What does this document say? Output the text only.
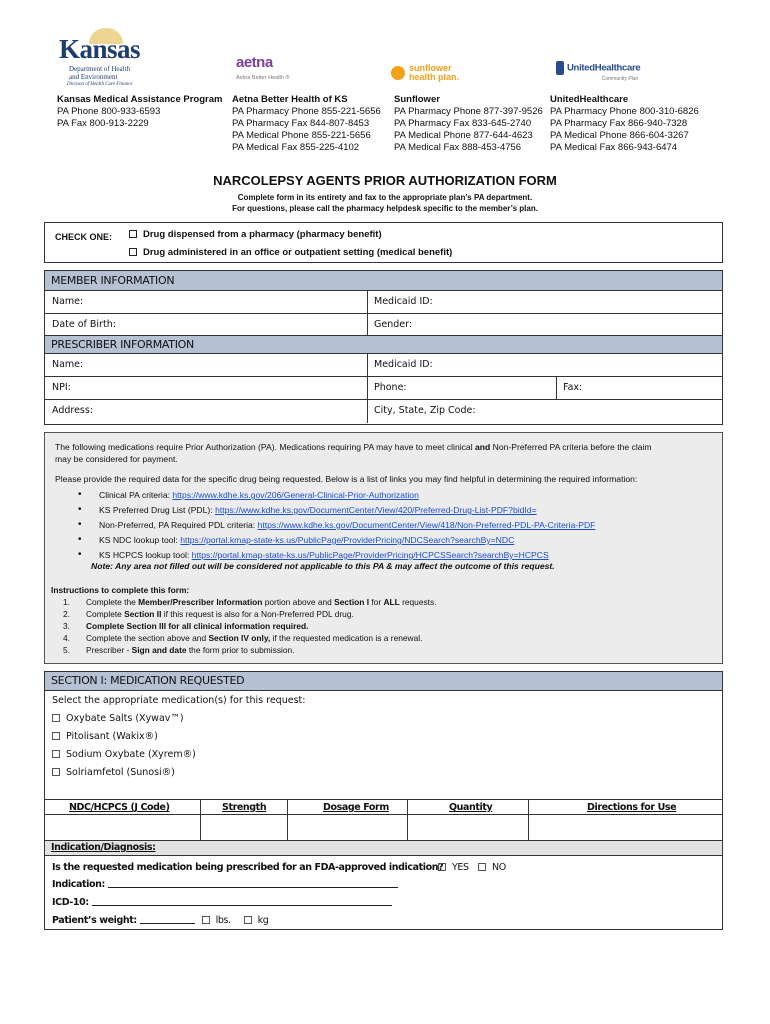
Kansas
Department of Health
and Environment
Division of Health Care Finance
aetna
Aetna Better Health ®
sunflower
health plan.
UnitedHealthcare
Community Plan
Kansas Medical Assistance Program
PA Phone 800-933-6593
PA Fax 800-913-2229
Aetna Better Health of KS
PA Pharmacy Phone 855-221-5656
PA Pharmacy Fax 844-807-8453
PA Medical Phone 855-221-5656
PA Medical Fax 855-225-4102
Sunflower
PA Pharmacy Phone 877-397-9526
PA Pharmacy Fax 833-645-2740
PA Medical Phone 877-644-4623
PA Medical Fax 888-453-4756
UnitedHealthcare
PA Pharmacy Phone 800-310-6826
PA Pharmacy Fax 866-940-7328
PA Medical Phone 866-604-3267
PA Medical Fax 866-943-6474
NARCOLEPSY AGENTS PRIOR AUTHORIZATION FORM
Complete form in its entirety and fax to the appropriate plan’s PA department.
For questions, please call the pharmacy helpdesk specific to the member’s plan.
CHECK ONE:	Drug dispensed from a pharmacy (pharmacy benefit)
Drug administered in an office or outpatient setting (medical benefit)
MEMBER INFORMATION
Name:	Medicaid ID:
Date of Birth:	Gender:
PRESCRIBER INFORMATION
Name:	Medicaid ID:
NPI:	Phone:	Fax:
Address:	City, State, Zip Code:

The following medications require Prior Authorization (PA). Medications requiring PA may have to meet clinical and Non-Preferred PA criteria before the claim
may be considered for payment.

Please provide the required data for the specific drug being requested. Below is a list of links you may find helpful in determining the required information:

• Clinical PA criteria: https://www.kdhe.ks.gov/206/General-Clinical-Prior-Authorization
• KS Preferred Drug List (PDL): https://www.kdhe.ks.gov/DocumentCenter/View/420/Preferred-Drug-List-PDF?bidId=
• Non-Preferred, PA Required PDL criteria: https://www.kdhe.ks.gov/DocumentCenter/View/418/Non-Preferred-PDL-PA-Criteria-PDF
• KS NDC lookup tool: https://portal.kmap-state-ks.us/PublicPage/ProviderPricing/NDCSearch?searchBy=NDC
• KS HCPCS lookup tool: https://portal.kmap-state-ks.us/PublicPage/ProviderPricing/HCPCSSearch?searchBy=HCPCS
Note: Any area not filled out will be considered not applicable to this PA & may affect the outcome of this request.
Instructions to complete this form:
1. Complete the Member/Prescriber Information portion above and Section I for ALL requests.
2. Complete Section II if this request is also for a Non-Preferred PDL drug.
3. Complete Section III for all clinical information required.
4. Complete the section above and Section IV only, if the requested medication is a renewal.
5. Prescriber - Sign and date the form prior to submission.
SECTION I: MEDICATION REQUESTED
Select the appropriate medication(s) for this request:
Oxybate Salts (Xywav™)
Pitolisant (Wakix®)
Sodium Oxybate (Xyrem®)
Solriamfetol (Sunosi®)
NDC/HCPCS (J Code)	Strength	Dosage Form	Quantity	Directions for Use
Indication/Diagnosis:
Is the requested medication being prescribed for an FDA-approved indication? YES	NO
Indication:
ICD-10:
Patient’s weight:	lbs.	kg
